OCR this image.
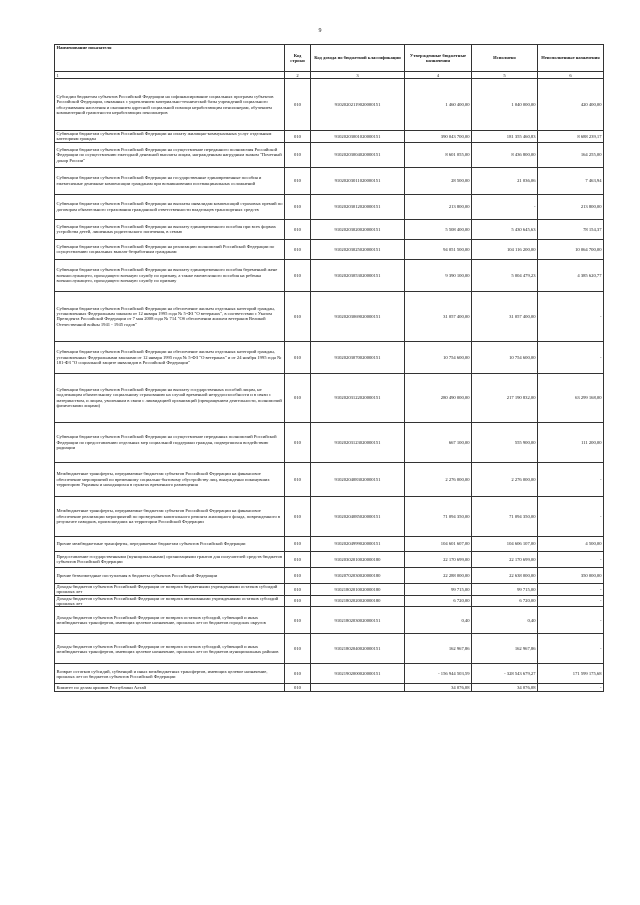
9
Наименование показателя	Код строки	Код дохода по бюджетной классификации	Утвержденные бюджетные назначения	Исполнено	Неисполненные назначения
1	2	3	4	5	6
Субсидии бюджетам субъектов Российской Федерации на софинансирование социальных программ субъектов Российской Федерации, связанных с укреплением материально-технической базы учреждений социального обслуживания населения и оказанием адресной социальной помощи неработающим пенсионерам, обучением компьютерной грамотности неработающих пенсионеров	010	91020202119020000151	1 460 400,00	1 040 000,00	420 400,00
Субвенции бюджетам субъектов Российской Федерации на оплату жилищно-коммунальных услуг отдельным категориям граждан	010	91020203001020000151	390 043 700,00	181 355 460,83	8 688 239,17
Субвенции бюджетам субъектов Российской Федерации на осуществление переданного полномочия Российской Федерации по осуществлению ежегодной денежной выплаты лицам, награжденным нагрудным знаком "Почетный донор России"	010	91020203004020000151	8 601 055,00	8 436 800,00	164 255,00
Субвенции бюджетам субъектов Российской Федерации на государственные единовременные пособия и ежемесячные денежные компенсации гражданам при возникновении поствакцинальных осложнений	010	91020203011020000151	28 500,00	21 036,06	7 463,94
Субвенции бюджетам субъектов Российской Федерации на выплаты инвалидам компенсаций страховых премий по договорам обязательного страхования гражданской ответственности владельцев транспортных средств	010	91020203012020000151	213 800,00	-	213 800,00
Субвенции бюджетам субъектов Российской Федерации на выплату единовременного пособия при всех формах устройства детей, лишенных родительского попечения, в семью	010	91020203020020000151	5 508 400,00	5 430 645,63	78 154,37
Субвенции бюджетам субъектов Российской Федерации на реализацию полномочий Российской Федерации по осуществлению социальных выплат безработным гражданам	010	91020203025020000151	94 051 500,00	104 116 200,00	10 064 700,00
Субвенции бюджетам субъектов Российской Федерации на выплату единовременного пособия беременной жене военнослужащего, проходящего военную службу по призыву, а также ежемесячного пособия на ребенка военнослужащего, проходящего военную службу по призыву	010	91020203053020000151	9 390 100,00	5 004 479,23	4 385 620,77
Субвенции бюджетам субъектов Российской Федерации на обеспечение жильем отдельных категорий граждан, установленных Федеральным законом от 12 января 1995 года № 5-ФЗ "О ветеранах", в соответствии с Указом Президента Российской Федерации от 7 мая 2008 года № 714 "Об обеспечении жильем ветеранов Великой Отечественной войны 1941 - 1945 годов"	010	91020203069020000151	31 057 400,00	31 057 400,00	-
Субвенции бюджетам субъектов Российской Федерации на обеспечение жильем отдельных категорий граждан, установленных Федеральными законами от 12 января 1995 года № 5-ФЗ "О ветеранах" и от 24 ноября 1995 года № 181-ФЗ "О социальной защите инвалидов в Российской Федерации"	010	91020203070020000151	10 754 600,00	10 754 600,00	-
Субвенции бюджетам субъектов Российской Федерации на выплату государственных пособий лицам, не подлежащим обязательному социальному страхованию на случай временной нетрудоспособности и в связи с материнством, и лицам, уволенным в связи с ликвидацией организаций (прекращением деятельности, полномочий физическими лицами)	010	91020203122020000151	280 490 000,00	217 190 832,00	63 299 168,00
Субвенции бюджетам субъектов Российской Федерации на осуществление переданных полномочий Российской Федерации по предоставлению отдельных мер социальной поддержки граждан, подвергшихся воздействию радиации	010	91020203123020000151	667 100,00	555 900,00	111 200,00
Межбюджетные трансферты, передаваемые бюджетам субъектов Российской Федерации на финансовое обеспечение мероприятий по временному социально-бытовому обустройству лиц, вынужденно покинувших территорию Украины и находящихся в пунктах временного размещения	010	91020204083020000151	2 276 000,00	2 276 000,00	-
Межбюджетные трансферты, передаваемые бюджетам субъектов Российской Федерации на финансовое обеспечение реализации мероприятий по проведению капитального ремонта жилищного фонда, поврежденного в результате паводков, произошедших на территории Российской Федерации	010	91020204085020000151	71 094 350,00	71 094 350,00	-
Прочие межбюджетные трансферты, передаваемые бюджетам субъектов Российской Федерации	010	91020204999020000151	104 601 607,00	104 606 107,00	4 500,00
Предоставление государственными (муниципальными) организациями грантов для получателей средств бюджетов субъектов Российской Федерации	010	91020302010020000180	22 170 699,00	22 170 699,00	-
Прочие безвозмездные поступления в бюджеты субъектов Российской Федерации	010	91020702030020000180	22 288 000,00	22 638 000,00	350 000,00
Доходы бюджетов субъектов Российской Федерации от возврата бюджетными учреждениями остатков субсидий прошлых лет	010	91021802010020000180	99 715,00	99 715,00	-
Доходы бюджетов субъектов Российской Федерации от возврата автономными учреждениями остатков субсидий прошлых лет	010	91021802020020000180	6 720,00	6 720,00	-
Доходы бюджетов субъектов Российской Федерации от возврата остатков субсидий, субвенций и иных межбюджетных трансфертов, имеющих целевое назначение, прошлых лет из бюджетов городских округов	010	91021802030020000151	0,40	0,40	-
Доходы бюджетов субъектов Российской Федерации от возврата остатков субсидий, субвенций и иных межбюджетных трансфертов, имеющих целевое назначение, прошлых лет из бюджетов муниципальных районов	010	91021802040020000151	162 967,86	162 967,86	-
Возврат остатков субсидий, субвенций и иных межбюджетных трансфертов, имеющих целевое назначение, прошлых лет из бюджетов субъектов Российской Федерации	010	91021902000020000151	- 156 944 503,59	- 328 543 679,27	171 599 175,68
Комитет по делам архивов Республики Алтай	010		34 076,08	34 076,08	-
